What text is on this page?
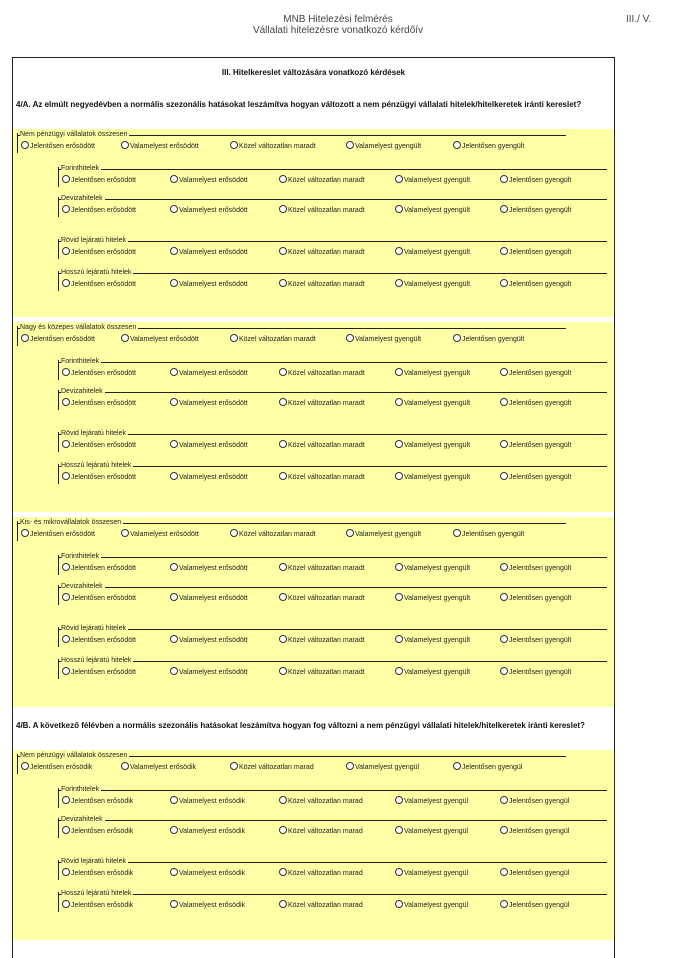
MNB Hitelezési felmérés
Vállalati hitelezésre vonatkozó kérdőív
III./ V.
III. Hitelkereslet változására vonatkozó kérdések
4/A. Az elmúlt negyedévben a normális szezonális hatásokat leszámítva hogyan változott a nem pénzügyi vállalati hitelek/hitelkeretek iránti kereslet?
Nem pénzügyi vállalatok összesen
Jelentősen erősödött	Valamelyest erősödött	Közel változatlan maradt	Valamelyest gyengült	Jelentősen gyengült
Forinthitelek
Jelentősen erősödött	Valamelyest erősödött	Közel változatlan maradt	Valamelyest gyengült	Jelentősen gyengült
Devizahitelek
Jelentősen erősödött	Valamelyest erősödött	Közel változatlan maradt	Valamelyest gyengült	Jelentősen gyengült
Rövid lejáratú hitelek
Jelentősen erősödött	Valamelyest erősödött	Közel változatlan maradt	Valamelyest gyengült	Jelentősen gyengült
Hosszú lejáratú hitelek
Jelentősen erősödött	Valamelyest erősödött	Közel változatlan maradt	Valamelyest gyengült	Jelentősen gyengült
Nagy és közepes vállalatok összesen
Jelentősen erősödött	Valamelyest erősödött	Közel változatlan maradt	Valamelyest gyengült	Jelentősen gyengült
Forinthitelek
Jelentősen erősödött	Valamelyest erősödött	Közel változatlan maradt	Valamelyest gyengült	Jelentősen gyengült
Devizahitelek
Jelentősen erősödött	Valamelyest erősödött	Közel változatlan maradt	Valamelyest gyengült	Jelentősen gyengült
Rövid lejáratú hitelek
Jelentősen erősödött	Valamelyest erősödött	Közel változatlan maradt	Valamelyest gyengült	Jelentősen gyengült
Hosszú lejáratú hitelek
Jelentősen erősödött	Valamelyest erősödött	Közel változatlan maradt	Valamelyest gyengült	Jelentősen gyengült
Kis- és mikrovállalatok összesen
Jelentősen erősödött	Valamelyest erősödött	Közel változatlan maradt	Valamelyest gyengült	Jelentősen gyengült
Forinthitelek
Jelentősen erősödött	Valamelyest erősödött	Közel változatlan maradt	Valamelyest gyengült	Jelentősen gyengült
Devizahitelek
Jelentősen erősödött	Valamelyest erősödött	Közel változatlan maradt	Valamelyest gyengült	Jelentősen gyengült
Rövid lejáratú hitelek
Jelentősen erősödött	Valamelyest erősödött	Közel változatlan maradt	Valamelyest gyengült	Jelentősen gyengült
Hosszú lejáratú hitelek
Jelentősen erősödött	Valamelyest erősödött	Közel változatlan maradt	Valamelyest gyengült	Jelentősen gyengült
4/B. A következő félévben a normális szezonális hatásokat leszámítva hogyan fog változni a nem pénzügyi vállalati hitelek/hitelkeretek iránti kereslet?
Nem pénzügyi vállalatok összesen
Jelentősen erősödik	Valamelyest erősödik	Közel változatlan marad	Valamelyest gyengül	Jelentősen gyengül
Forinthitelek
Jelentősen erősödik	Valamelyest erősödik	Közel változatlan marad	Valamelyest gyengül	Jelentősen gyengül
Devizahitelek
Jelentősen erősödik	Valamelyest erősödik	Közel változatlan marad	Valamelyest gyengül	Jelentősen gyengül
Rövid lejáratú hitelek
Jelentősen erősödik	Valamelyest erősödik	Közel változatlan marad	Valamelyest gyengül	Jelentősen gyengül
Hosszú lejáratú hitelek
Jelentősen erősödik	Valamelyest erősödik	Közel változatlan marad	Valamelyest gyengül	Jelentősen gyengül
